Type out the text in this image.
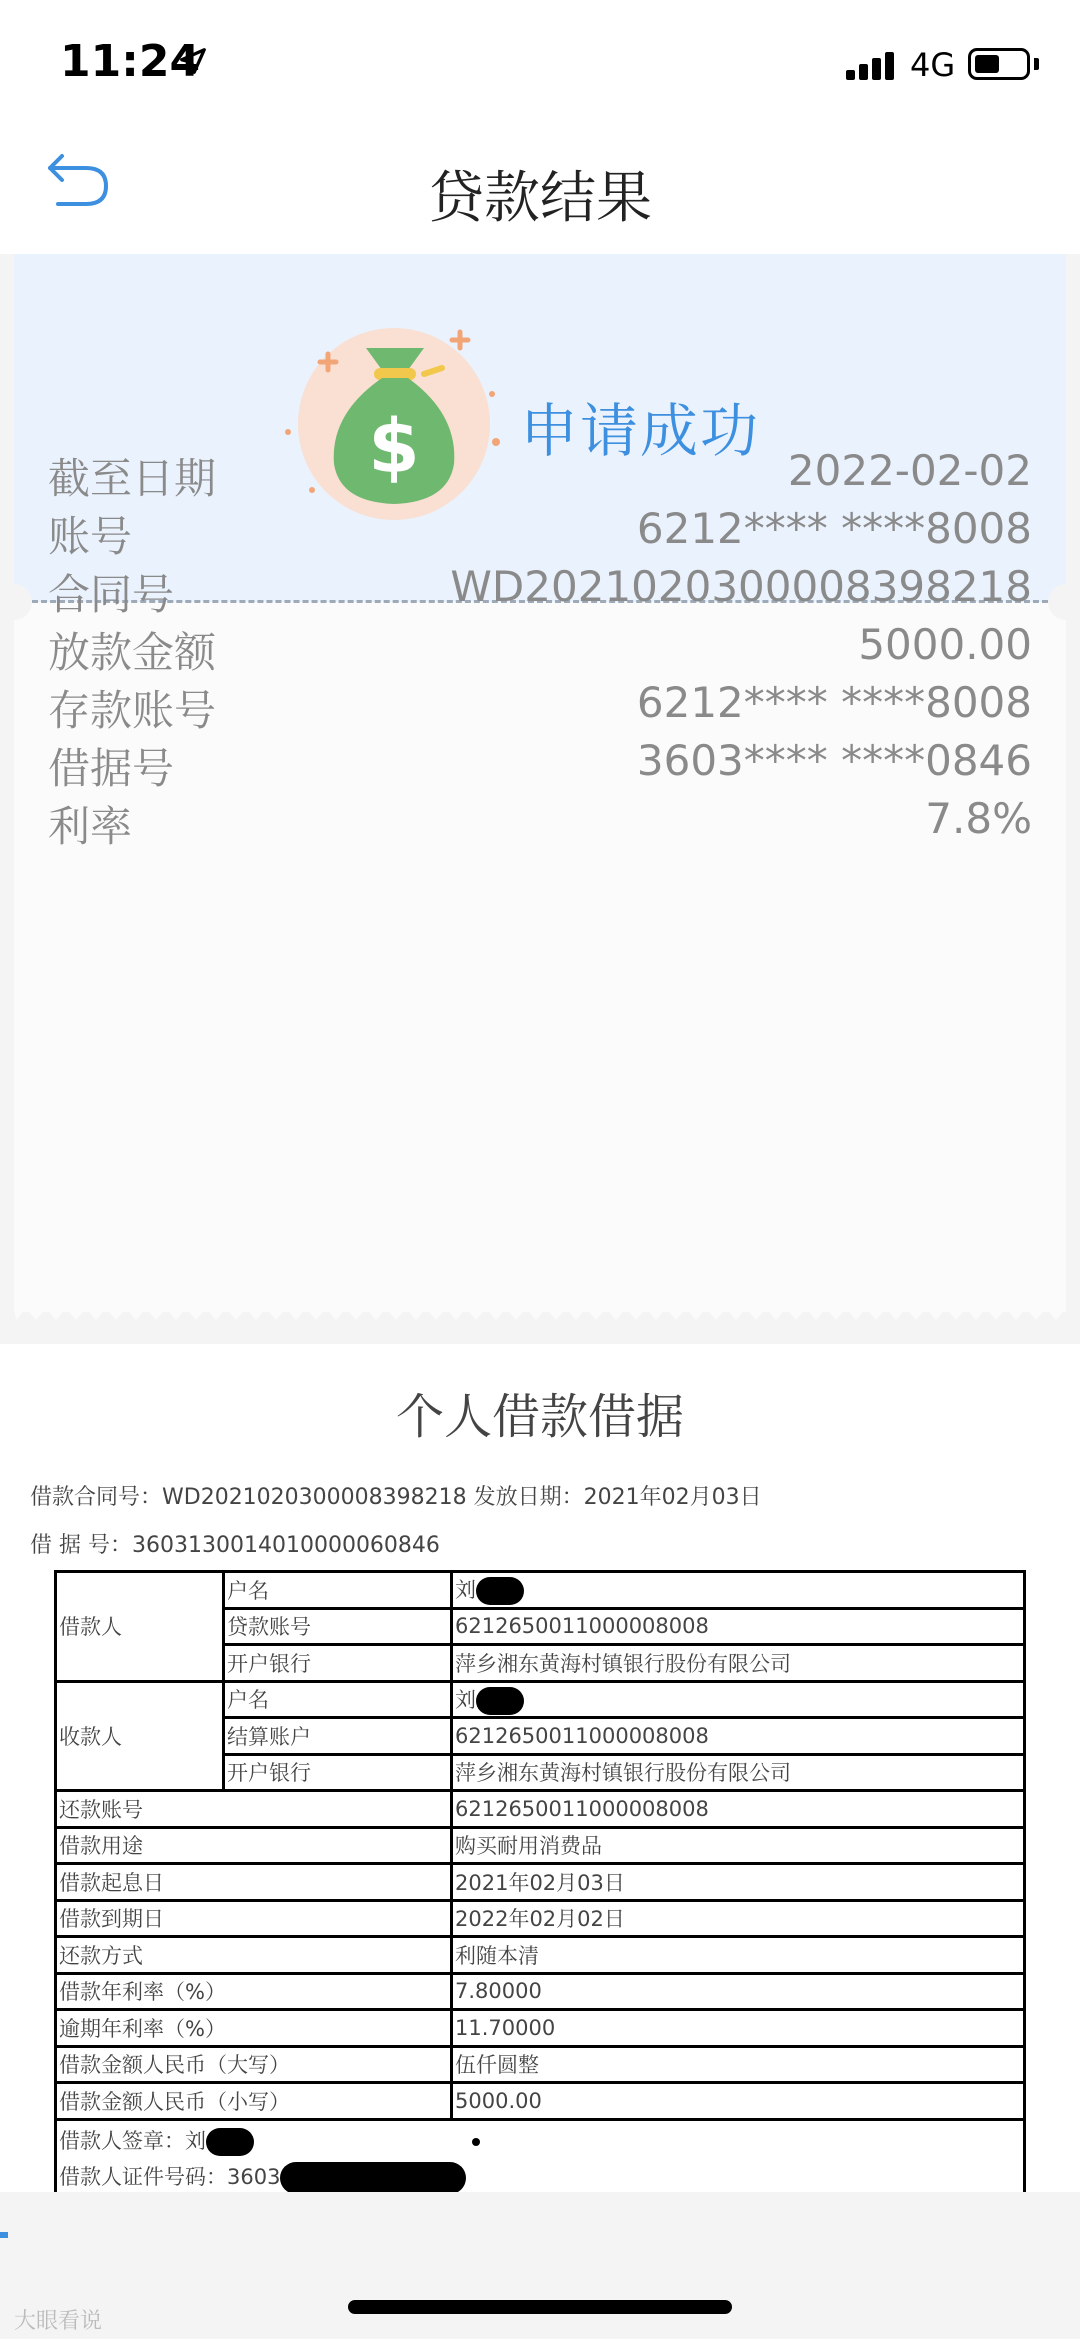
11:24	4G
贷款结果
$ 申请成功
截至日期	2022-02-02
账号	6212**** ****8008
合同号	WD2021020300008398218
放款金额	5000.00
存款账号	6212**** ****8008
借据号	3603**** ****0846
利率	7.8%
个人借款借据
借款合同号：WD2021020300008398218 发放日期：2021年02月03日
借 据 号：360313001401000006084​6
借款人	户名	刘
	贷款账号	6212650011000008008
	开户银行	萍乡湘东黄海村镇银行股份有限公司
收款人	户名	刘
	结算账户	6212650011000008008
	开户银行	萍乡湘东黄海村镇银行股份有限公司
还款账号		6212650011000008008
借款用途		购买耐用消费品
借款起息日		2021年02月03日
借款到期日		2022年02月02日
还款方式		利随本清
借款年利率（%）		7.80000
逾期年利率（%）		11.70000
借款金额人民币（大写）		伍仟圆整
借款金额人民币（小写）		5000.00

借款人签章：刘
借款人证件号码：3603		
大眼看说
